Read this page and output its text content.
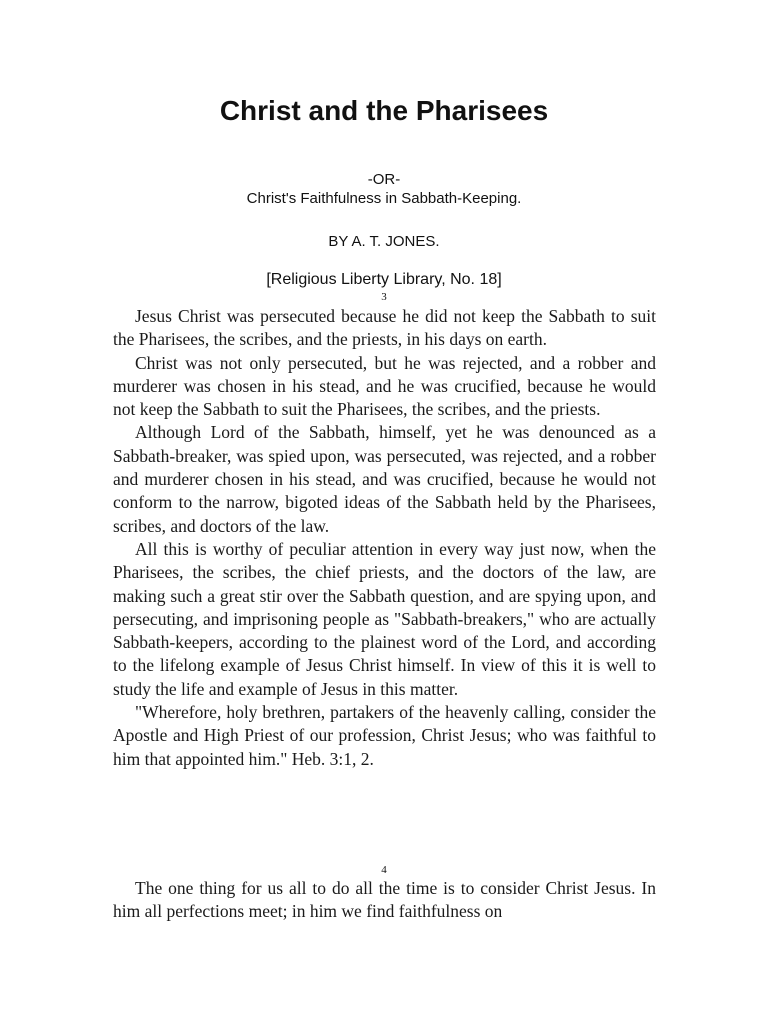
Christ and the Pharisees
-OR-
Christ's Faithfulness in Sabbath-Keeping.
BY A. T. JONES.
[Religious Liberty Library, No. 18]
3

Jesus Christ was persecuted because he did not keep the Sabbath to suit the Pharisees, the scribes, and the priests, in his days on earth.

Christ was not only persecuted, but he was rejected, and a robber and murderer was chosen in his stead, and he was crucified, because he would not keep the Sabbath to suit the Pharisees, the scribes, and the priests.

Although Lord of the Sabbath, himself, yet he was denounced as a Sabbath-breaker, was spied upon, was persecuted, was rejected, and a robber and murderer chosen in his stead, and was crucified, because he would not conform to the narrow, bigoted ideas of the Sabbath held by the Pharisees, scribes, and doctors of the law.

All this is worthy of peculiar attention in every way just now, when the Pharisees, the scribes, the chief priests, and the doctors of the law, are making such a great stir over the Sabbath question, and are spying upon, and persecuting, and imprisoning people as "Sabbath-breakers," who are actually Sabbath-keepers, according to the plainest word of the Lord, and according to the lifelong example of Jesus Christ himself. In view of this it is well to study the life and example of Jesus in this matter.

"Wherefore, holy brethren, partakers of the heavenly calling, consider the Apostle and High Priest of our profession, Christ Jesus; who was faithful to him that appointed him." Heb. 3:1, 2.

4

The one thing for us all to do all the time is to consider Christ Jesus. In him all perfections meet; in him we find faithfulness on
